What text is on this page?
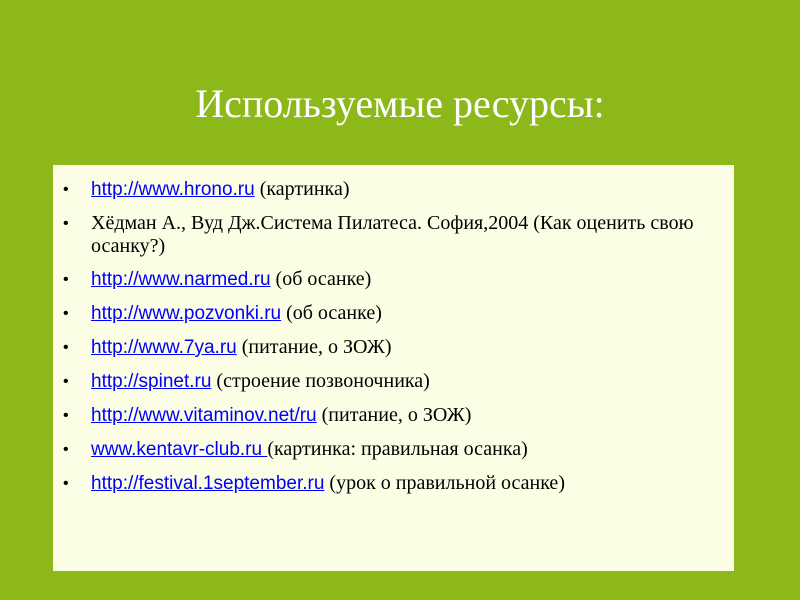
Используемые ресурсы:
• http://www.hrono.ru (картинка)
• Хёдман А., Вуд Дж.Система Пилатеса. София,2004 (Как оценить свою осанку?)
• http://www.narmed.ru (об осанке)
• http://www.pozvonki.ru (об осанке)
• http://www.7ya.ru (питание, о ЗОЖ)
• http://spinet.ru (строение позвоночника)
• http://www.vitaminov.net/ru (питание, о ЗОЖ)
• www.kentavr-club.ru (картинка: правильная осанка)
• http://festival.1september.ru (урок о правильной осанке)
